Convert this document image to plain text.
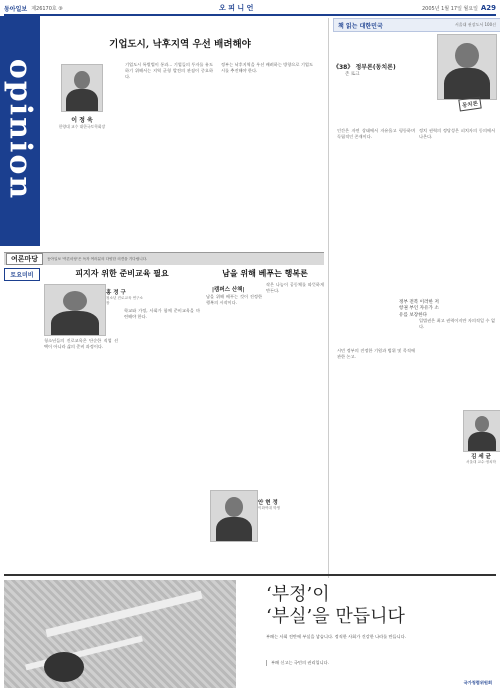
동아일보 제26170호 ⑨	오 피 니 언	2005년 1월 17일 월요일 A29
opinion
기업도시, 낙후지역 우선 배려해야
이 정 욱
한양대 교수 대한국토학회장
기업도시 특별법이 통과... 기업들의 투자를 유도하기 위해서는 지역 균형 발전의 관점이 중요하다.
정부는 낙후지역을 우선 배려하는 방향으로 기업도시를 추진해야 한다.
책 읽는 대한민국	서울대 권장도서 100선
《38》 정부론(동치론)
존 로크
동치론
인간은 자연 상태에서 자유롭고 평등하며 독립적인 존재이다.
정치 권력의 정당성은 피치자의 동의에서 나온다.
시민 정부의 진정한 기원과 범위 및 목적에 관한 논고.
정부 전복 이러한 저항권 부인 자유가 소유를 보장한다
입법권은 최고 권력이지만 자의적일 수 없다.
김 세 균
서울대 교수·정치학
여론마당	동아일보 '여론마당'은 독자 여러분의 다양한 의견을 기다립니다.
토요미비	피지자 위한 준비교육 필요
홍 정 구
청소년 진로교육 연구소장
청소년들의 진로교육은 단순한 직업 선택이 아니라 삶의 준비 과정이다.
학교와 가정, 사회가 함께 준비교육을 마련해야 한다.
남을 위해 베푸는 행복론
|캠퍼스 산책|
남을 위해 베푸는 것이 진정한 행복의 시작이다.
작은 나눔이 공동체를 따뜻하게 만든다.
안 현 정
이화여대 학생
‘부정’이
‘부실’을 만듭니다
부패는 사회 전반에 부실을 낳습니다. 정직한 사회가 건강한 나라를 만듭니다.
부패 신고는 국민의 권리입니다.
국가청렴위원회
